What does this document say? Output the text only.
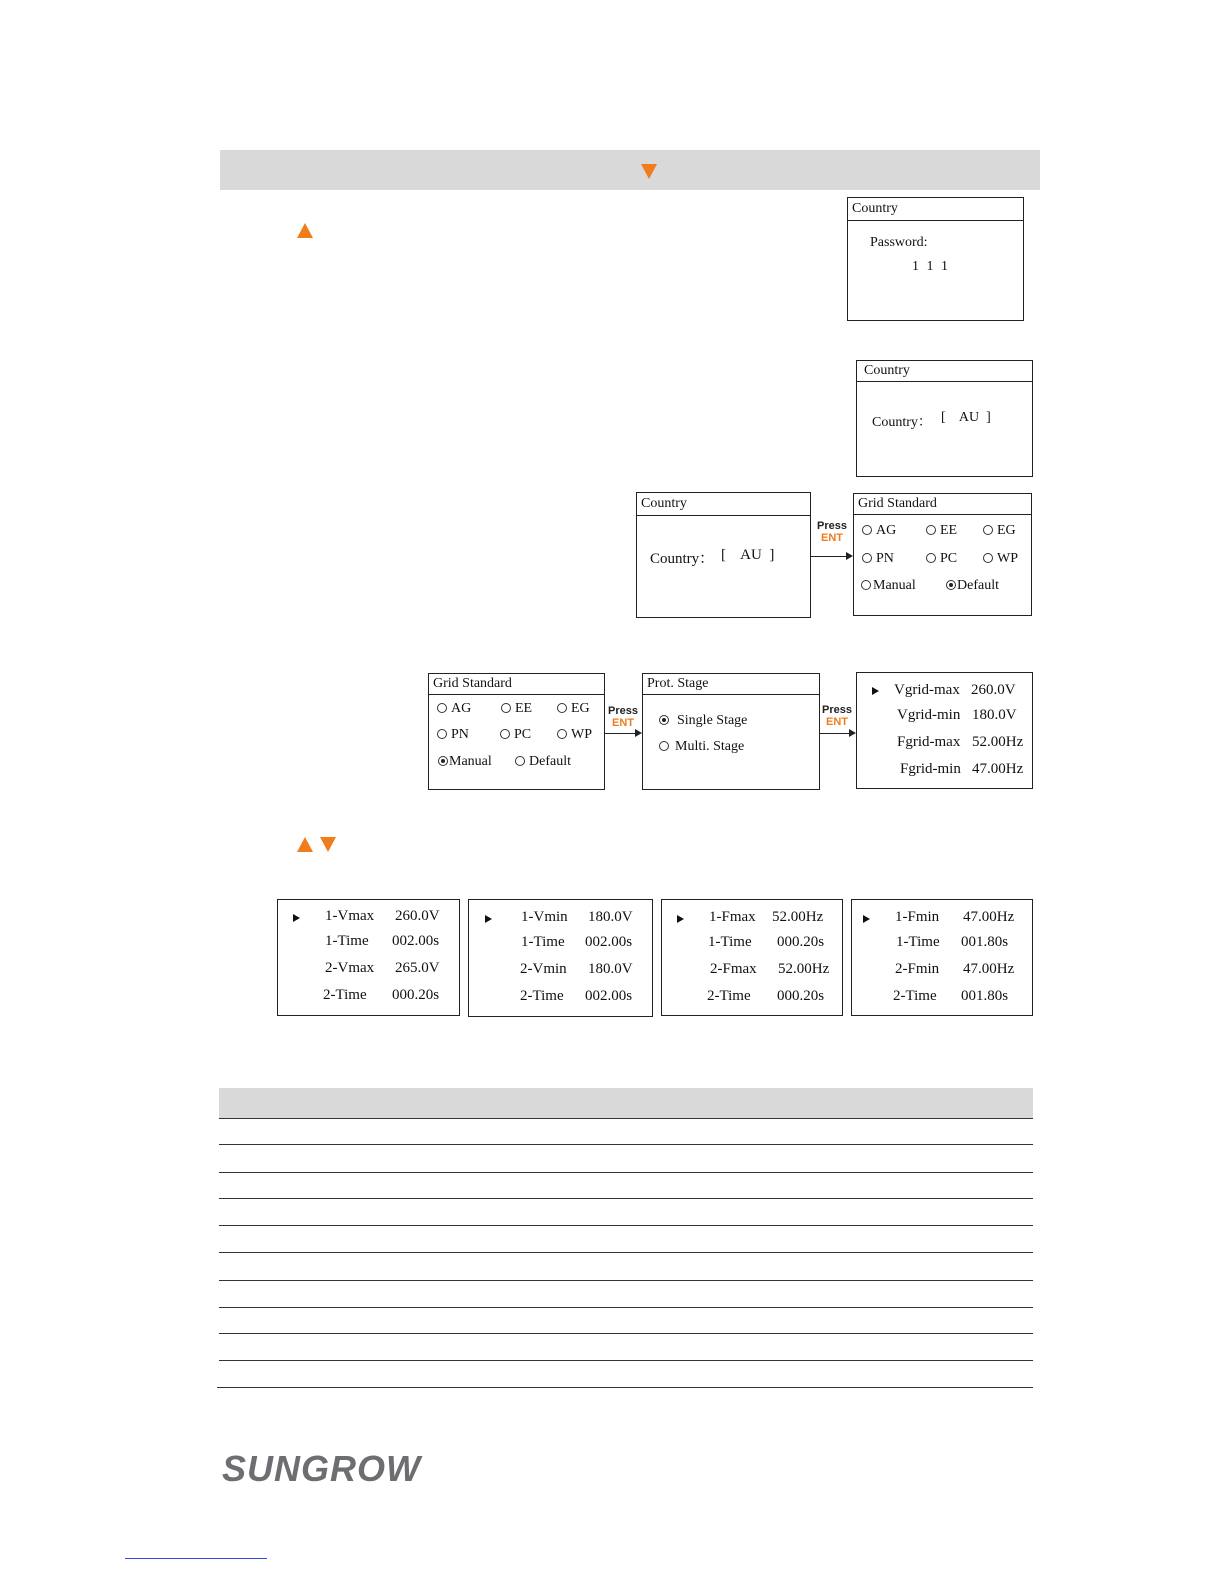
Country
Password:
1 1 1
Country
Country： [    AU  ]
Country
Country： [    AU  ]
Press
ENT
Grid Standard
AG	EE	EG
PN	PC	WP
Manual	Default
Grid Standard
AG	EE	EG
PN	PC	WP
Manual	Default
Press
ENT
Prot. Stage
Single Stage
Multi. Stage
Press
ENT
Vgrid-max 260.0V
Vgrid-min 180.0V
Fgrid-max 52.00Hz
Fgrid-min 47.00Hz
1-Vmax 260.0V
1-Time 002.00s
2-Vmax 265.0V
2-Time 000.20s
1-Vmin 180.0V
1-Time 002.00s
2-Vmin 180.0V
2-Time 002.00s
1-Fmax 52.00Hz
1-Time 000.20s
2-Fmax 52.00Hz
2-Time 000.20s
1-Fmin 47.00Hz
1-Time 001.80s
2-Fmin 47.00Hz
2-Time 001.80s
SUNGROW
